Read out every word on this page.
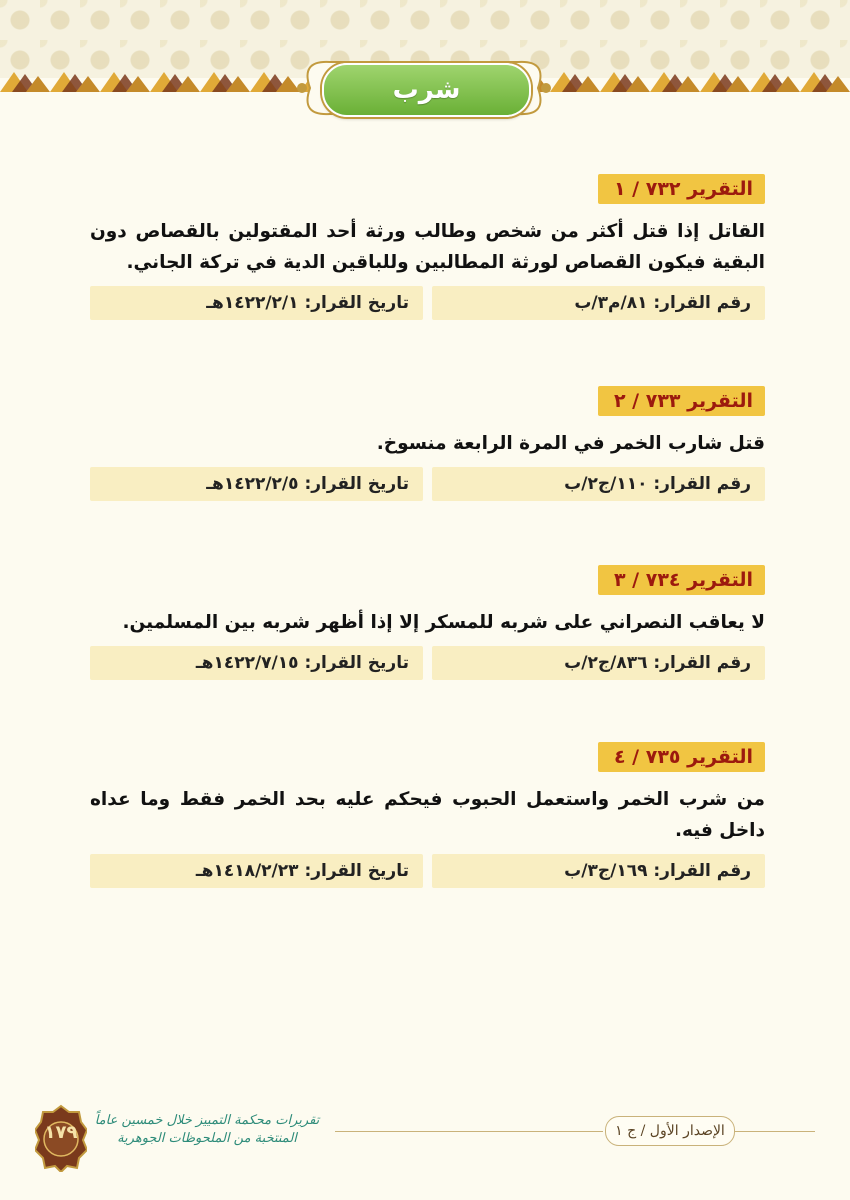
شرب
التقرير ٧٣٢ / ١
القاتل إذا قتل أكثر من شخص وطالب ورثة أحد المقتولين بالقصاص دون البقية فيكون القصاص لورثة المطالبين وللباقين الدية في تركة الجاني.
رقم القرار: ٨١/م٣/ب
تاريخ القرار: ١٤٢٢/٢/١هـ
التقرير ٧٣٣ / ٢
قتل شارب الخمر في المرة الرابعة منسوخ.
رقم القرار: ١١٠/ج٢/ب
تاريخ القرار: ١٤٢٢/٢/٥هـ
التقرير ٧٣٤ / ٣
لا يعاقب النصراني على شربه للمسكر إلا إذا أظهر شربه بين المسلمين.
رقم القرار: ٨٣٦/ج٢/ب
تاريخ القرار: ١٤٢٢/٧/١٥هـ
التقرير ٧٣٥ / ٤
من شرب الخمر واستعمل الحبوب فيحكم عليه بحد الخمر فقط وما عداه داخل فيه.
رقم القرار: ١٦٩/ج٣/ب
تاريخ القرار: ١٤١٨/٢/٢٣هـ
الإصدار الأول / ج ١
تقريرات محكمة التمييز خلال خمسين عاماً
المنتخبة من الملحوظات الجوهرية
١٧٩
